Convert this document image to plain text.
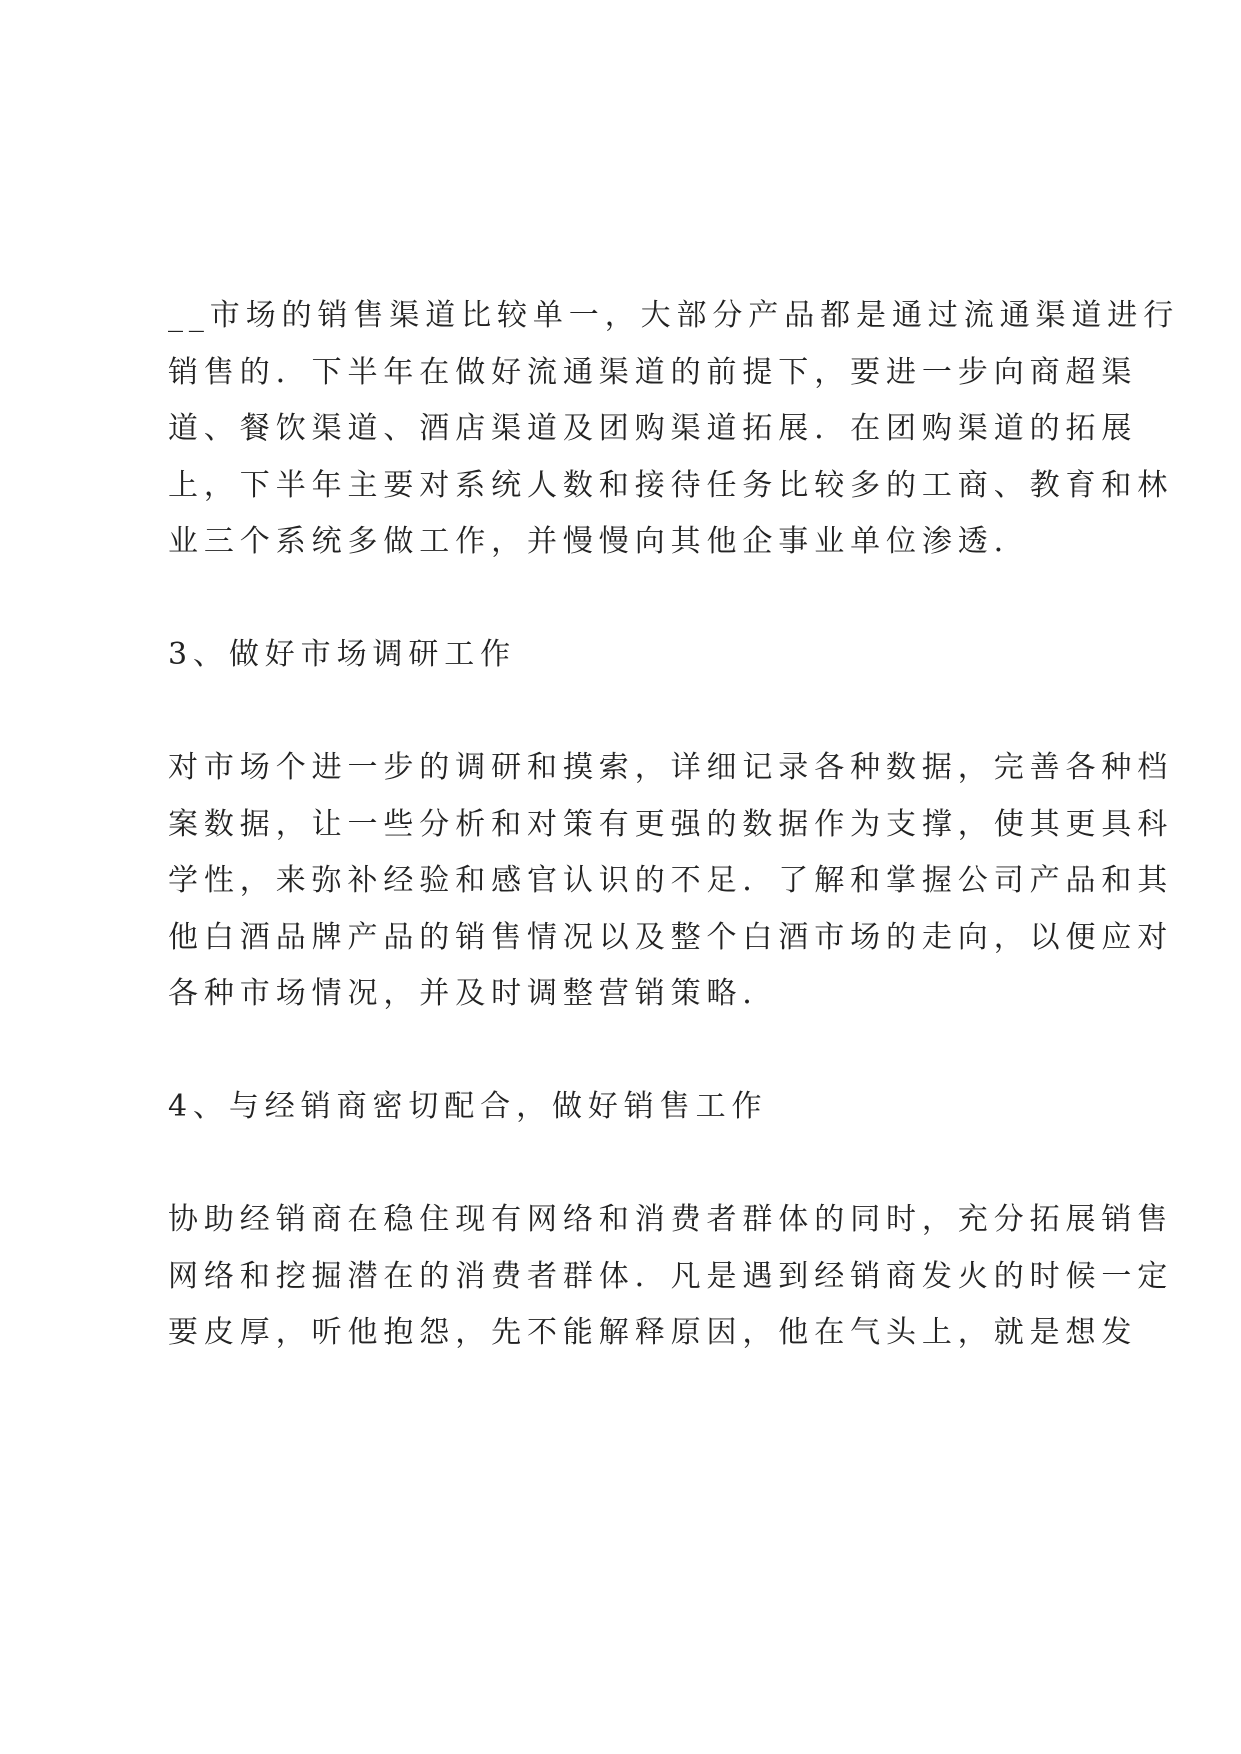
__市场的销售渠道比较单一，大部分产品都是通过流通渠道进行
销售的．下半年在做好流通渠道的前提下，要进一步向商超渠
道、餐饮渠道、酒店渠道及团购渠道拓展．在团购渠道的拓展
上，下半年主要对系统人数和接待任务比较多的工商、教育和林
业三个系统多做工作，并慢慢向其他企事业单位渗透．
3、做好市场调研工作
对市场个进一步的调研和摸索，详细记录各种数据，完善各种档
案数据，让一些分析和对策有更强的数据作为支撑，使其更具科
学性，来弥补经验和感官认识的不足．了解和掌握公司产品和其
他白酒品牌产品的销售情况以及整个白酒市场的走向，以便应对
各种市场情况，并及时调整营销策略．
4、与经销商密切配合，做好销售工作
协助经销商在稳住现有网络和消费者群体的同时，充分拓展销售
网络和挖掘潜在的消费者群体．凡是遇到经销商发火的时候一定
要皮厚，听他抱怨，先不能解释原因，他在气头上，就是想发
